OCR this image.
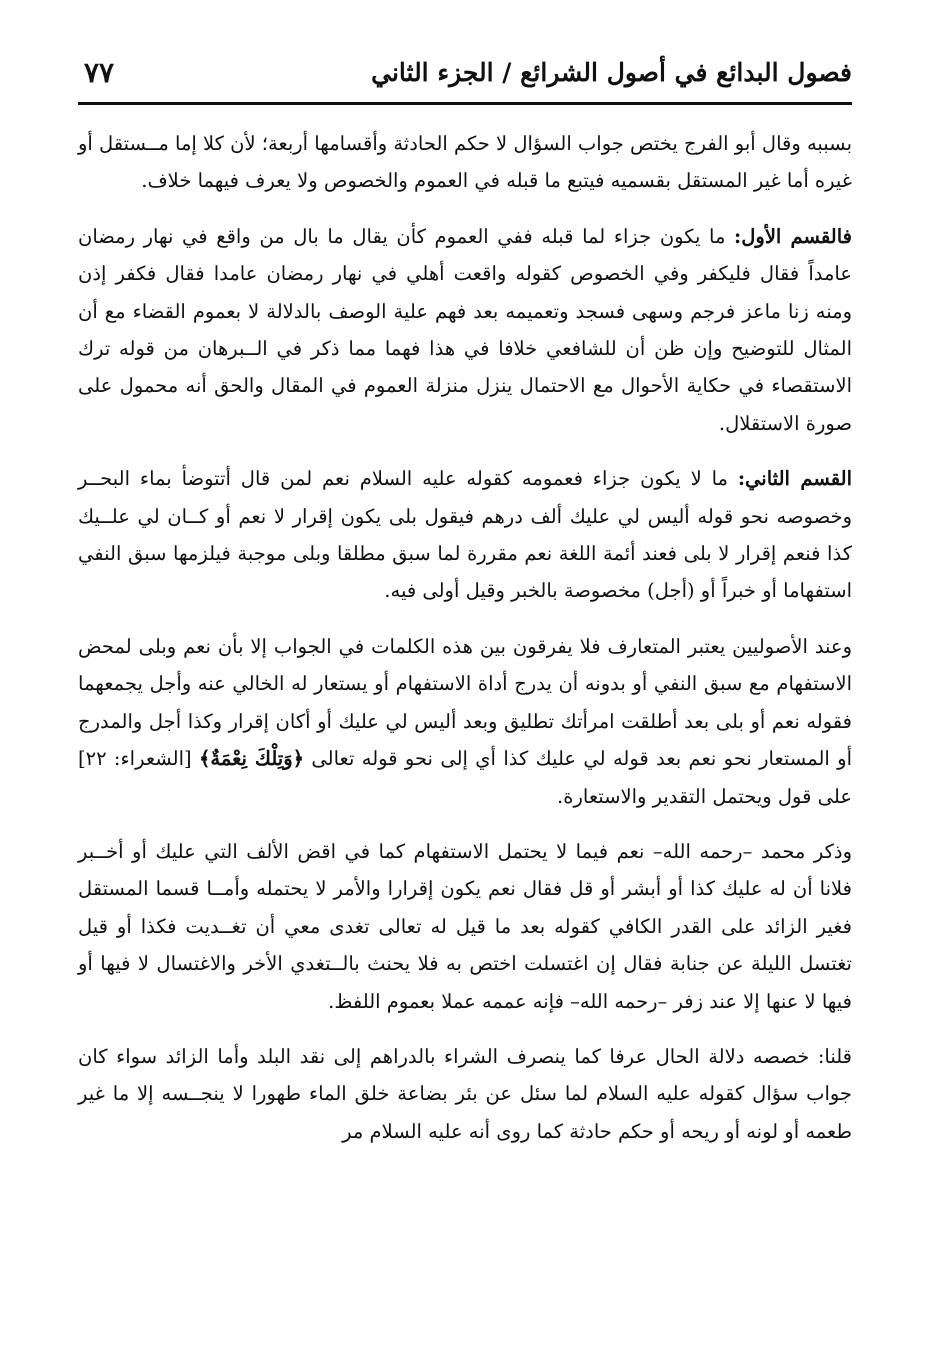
فصول البدائع في أصول الشرائع / الجزء الثاني
٧٧

بسببه وقال أبو الفرج يختص جواب السؤال لا حكم الحادثة وأقسامها أربعة؛ لأن كلا إما مــستقل أو غيره أما غير المستقل بقسميه فيتبع ما قبله في العموم والخصوص ولا يعرف فيهما خلاف.

فالقسم الأول: ما يكون جزاء لما قبله ففي العموم كأن يقال ما بال من واقع في نهار رمضان عامداً فقال فليكفر وفي الخصوص كقوله واقعت أهلي في نهار رمضان عامدا فقال فكفر إذن ومنه زنا ماعز فرجم وسهى فسجد وتعميمه بعد فهم علية الوصف بالدلالة لا بعموم القضاء مع أن المثال للتوضيح وإن ظن أن للشافعي خلافا في هذا فهما مما ذكر في الــبرهان من قوله ترك الاستقصاء في حكاية الأحوال مع الاحتمال ينزل منزلة العموم في المقال والحق أنه محمول على صورة الاستقلال.

القسم الثاني: ما لا يكون جزاء فعمومه كقوله عليه السلام نعم لمن قال أتتوضأ بماء البحــر وخصوصه نحو قوله أليس لي عليك ألف درهم فيقول بلى يكون إقرار لا نعم أو كــان لي علــيك كذا فنعم إقرار لا بلى فعند أئمة اللغة نعم مقررة لما سبق مطلقا وبلى موجبة فيلزمها سبق النفي استفهاما أو خبراً أو (أجل) مخصوصة بالخبر وقيل أولى فيه.

وعند الأصوليين يعتبر المتعارف فلا يفرقون بين هذه الكلمات في الجواب إلا بأن نعم وبلى لمحض الاستفهام مع سبق النفي أو بدونه أن يدرج أداة الاستفهام أو يستعار له الخالي عنه وأجل يجمعهما فقوله نعم أو بلى بعد أطلقت امرأتك تطليق وبعد أليس لي عليك أو أكان إقرار وكذا أجل والمدرج أو المستعار نحو نعم بعد قوله لي عليك كذا أي إلى نحو قوله تعالى ﴿وَتِلْكَ نِعْمَةٌ﴾ [الشعراء: ٢٢] على قول ويحتمل التقدير والاستعارة.

وذكر محمد –رحمه الله– نعم فيما لا يحتمل الاستفهام كما في اقض الألف التي عليك أو أخــبر فلانا أن له عليك كذا أو أبشر أو قل فقال نعم يكون إقرارا والأمر لا يحتمله وأمــا قسما المستقل فغير الزائد على القدر الكافي كقوله بعد ما قيل له تعالى تغدى معي أن تغــديت فكذا أو قيل تغتسل الليلة عن جنابة فقال إن اغتسلت اختص به فلا يحنث بالــتغدي الأخر والاغتسال لا فيها أو فيها لا عنها إلا عند زفر –رحمه الله– فإنه عممه عملا بعموم اللفظ.

قلنا: خصصه دلالة الحال عرفا كما ينصرف الشراء بالدراهم إلى نقد البلد وأما الزائد سواء كان جواب سؤال كقوله عليه السلام لما سئل عن بئر بضاعة خلق الماء طهورا لا ينجــسه إلا ما غير طعمه أو لونه أو ريحه أو حكم حادثة كما روى أنه عليه السلام مر
